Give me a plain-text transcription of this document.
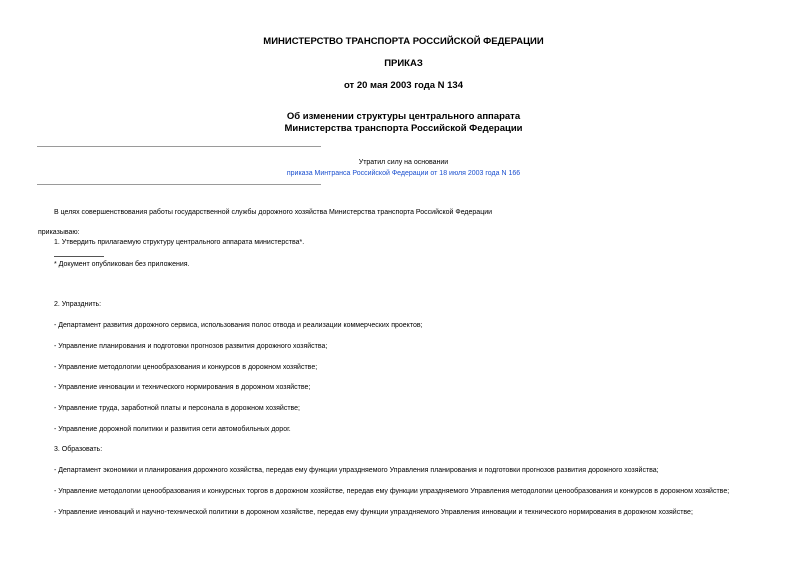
МИНИСТЕРСТВО ТРАНСПОРТА РОССИЙСКОЙ ФЕДЕРАЦИИ
ПРИКАЗ
от 20 мая 2003 года N 134
Об изменении структуры центрального аппарата
Министерства транспорта Российской Федерации
Утратил силу на основании
приказа Минтранса Российской Федерации от 18 июля 2003 года N 166
В целях совершенствования работы государственной службы дорожного хозяйства Министерства транспорта Российской Федерации
приказываю:
1. Утвердить прилагаемую структуру центрального аппарата министерства*.
* Документ опубликован без приложения.
2. Упразднить:
- Департамент развития дорожного сервиса, использования полос отвода и реализации коммерческих проектов;
- Управление планирования и подготовки прогнозов развития дорожного хозяйства;
- Управление методологии ценообразования и конкурсов в дорожном хозяйстве;
- Управление инновации и технического нормирования в дорожном хозяйстве;
- Управление труда, заработной платы и персонала в дорожном хозяйстве;
- Управление дорожной политики и развития сети автомобильных дорог.
3. Образовать:
- Департамент экономики и планирования дорожного хозяйства, передав ему функции упраздняемого Управления планирования и подготовки прогнозов развития дорожного хозяйства;
- Управление методологии ценообразования и конкурсных торгов в дорожном хозяйстве, передав ему функции упраздняемого Управления методологии ценообразования и конкурсов в дорожном хозяйстве;
- Управление инноваций и научно-технической политики в дорожном хозяйстве, передав ему функции упраздняемого Управления инновации и технического нормирования в дорожном хозяйстве;
